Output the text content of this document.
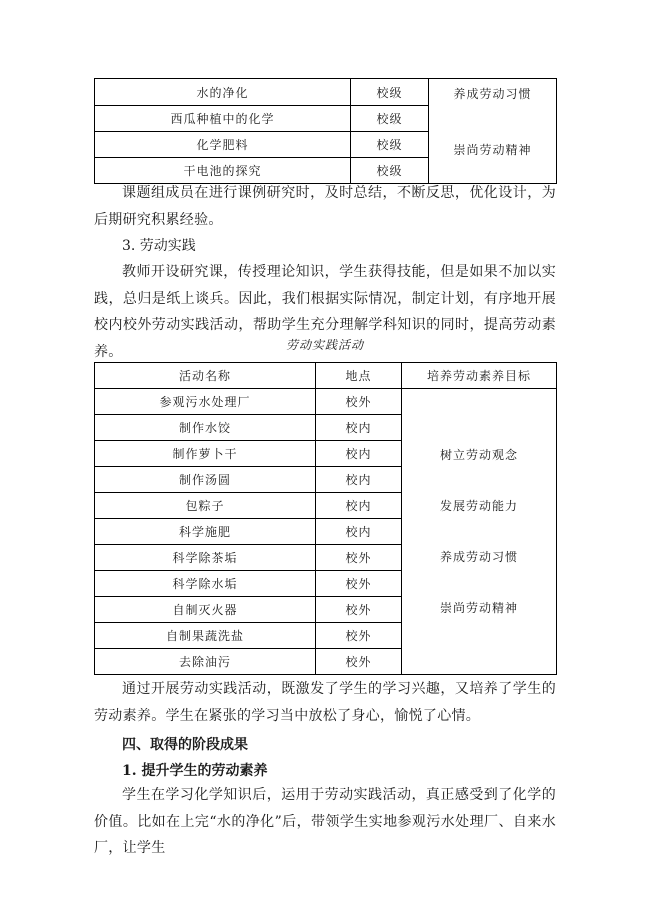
水的净化	校级	养成劳动习惯
崇尚劳动精神

西瓜种植中的化学	校级	
化学肥料	校级	
干电池的探究	校级	

课题组成员在进行课例研究时，及时总结，不断反思，优化设计，为后期研究积累经验。

3. 劳动实践

教师开设研究课，传授理论知识，学生获得技能，但是如果不加以实践，总归是纸上谈兵。因此，我们根据实际情况，制定计划，有序地开展校内校外劳动实践活动，帮助学生充分理解学科知识的同时，提高劳动素养。	劳动实践活动
活动名称	地点	培养劳动素养目标
参观污水处理厂	校外	树立劳动观念
发展劳动能力
养成劳动习惯
崇尚劳动精神

制作水饺	校内	
制作萝卜干	校内	
制作汤圆	校内	
包粽子	校内	
科学施肥	校内	
科学除茶垢	校外	
科学除水垢	校外	
自制灭火器	校外	
自制果蔬洗盐	校外	
去除油污	校外	

通过开展劳动实践活动，既激发了学生的学习兴趣，又培养了学生的劳动素养。学生在紧张的学习当中放松了身心，愉悦了心情。

四、取得的阶段成果

1. 提升学生的劳动素养

学生在学习化学知识后，运用于劳动实践活动，真正感受到了化学的价值。比如在上完“水的净化”后，带领学生实地参观污水处理厂、自来水厂，让学生
